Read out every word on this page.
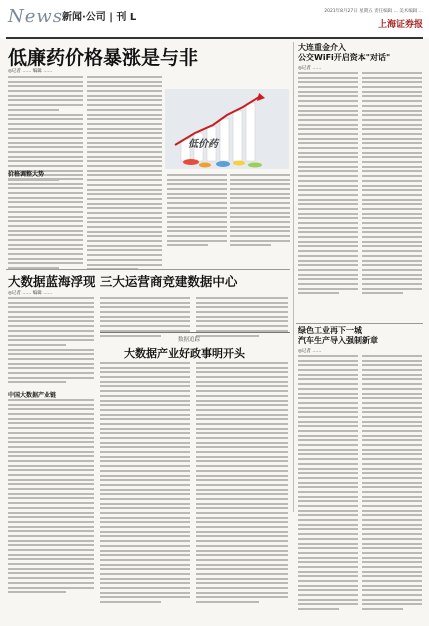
News
新闻·公司 | 刊 L
2021年8月27日 星期五 责任编辑 ... 美术编辑 ...
上海证券报
低廉药价格暴涨是与非
◎记者 …… 编辑 ……
价格调整大势
低价药
大连重金介入
公交WiFi开启资本"对话"
◎记者 ……
大数据蓝海浮现 三大运营商竞建数据中心
◎记者 …… 编辑 ……
中国大数据产业链
数据追踪
大数据产业好政事明开头
绿色工业再下一城
汽车生产导入强制新章
◎记者 ……
